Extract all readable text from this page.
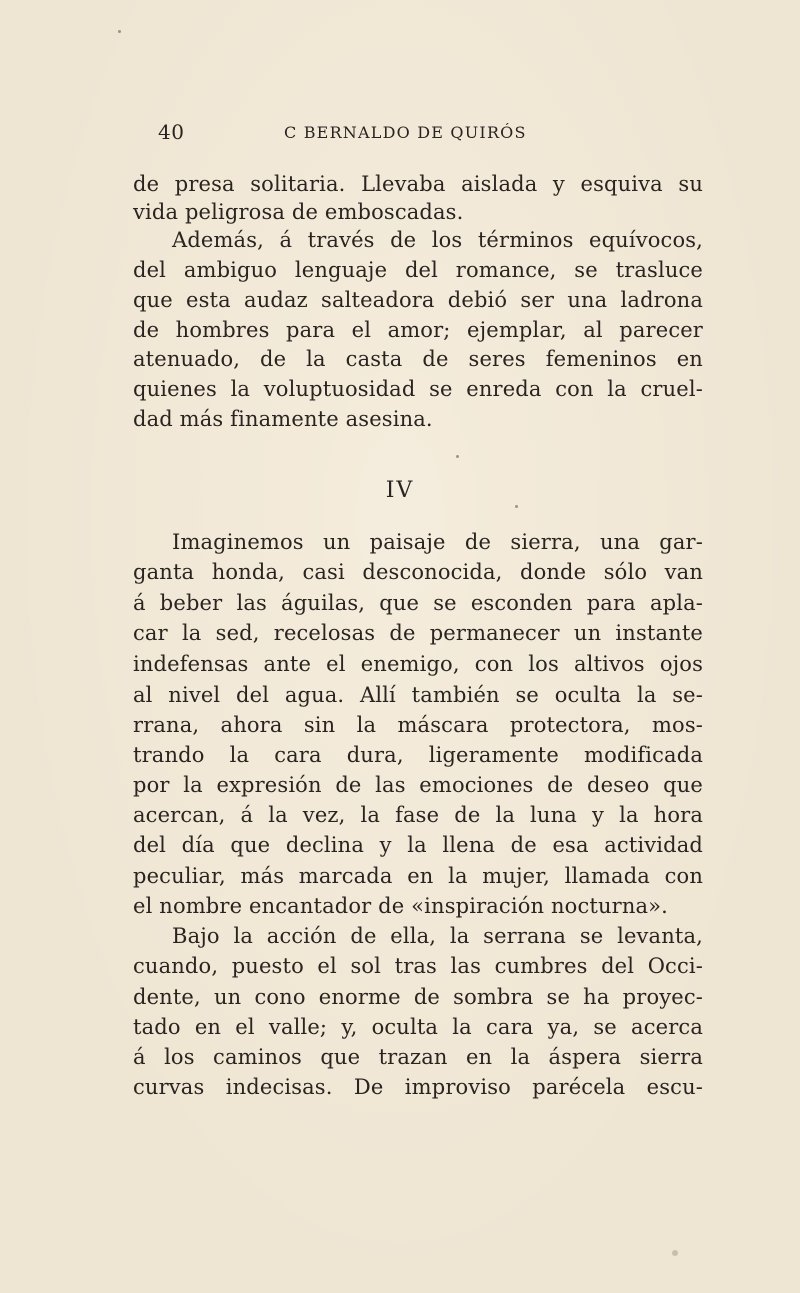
40	C BERNALDO DE QUIRÓS
de presa solitaria. Llevaba aislada y esquiva su
vida peligrosa de emboscadas.
Además, á través de los términos equívocos,
del ambiguo lenguaje del romance, se trasluce
que esta audaz salteadora debió ser una ladrona
de hombres para el amor; ejemplar, al parecer
atenuado, de la casta de seres femeninos en
quienes la voluptuosidad se enreda con la cruel-
dad más finamente asesina.
IV
Imaginemos un paisaje de sierra, una gar-
ganta honda, casi desconocida, donde sólo van
á beber las águilas, que se esconden para apla-
car la sed, recelosas de permanecer un instante
indefensas ante el enemigo, con los altivos ojos
al nivel del agua. Allí también se oculta la se-
rrana, ahora sin la máscara protectora, mos-
trando la cara dura, ligeramente modificada
por la expresión de las emociones de deseo que
acercan, á la vez, la fase de la luna y la hora
del día que declina y la llena de esa actividad
peculiar, más marcada en la mujer, llamada con
el nombre encantador de «inspiración nocturna».
Bajo la acción de ella, la serrana se levanta,
cuando, puesto el sol tras las cumbres del Occi-
dente, un cono enorme de sombra se ha proyec-
tado en el valle; y, oculta la cara ya, se acerca
á los caminos que trazan en la áspera sierra
curvas indecisas. De improviso parécela escu-
